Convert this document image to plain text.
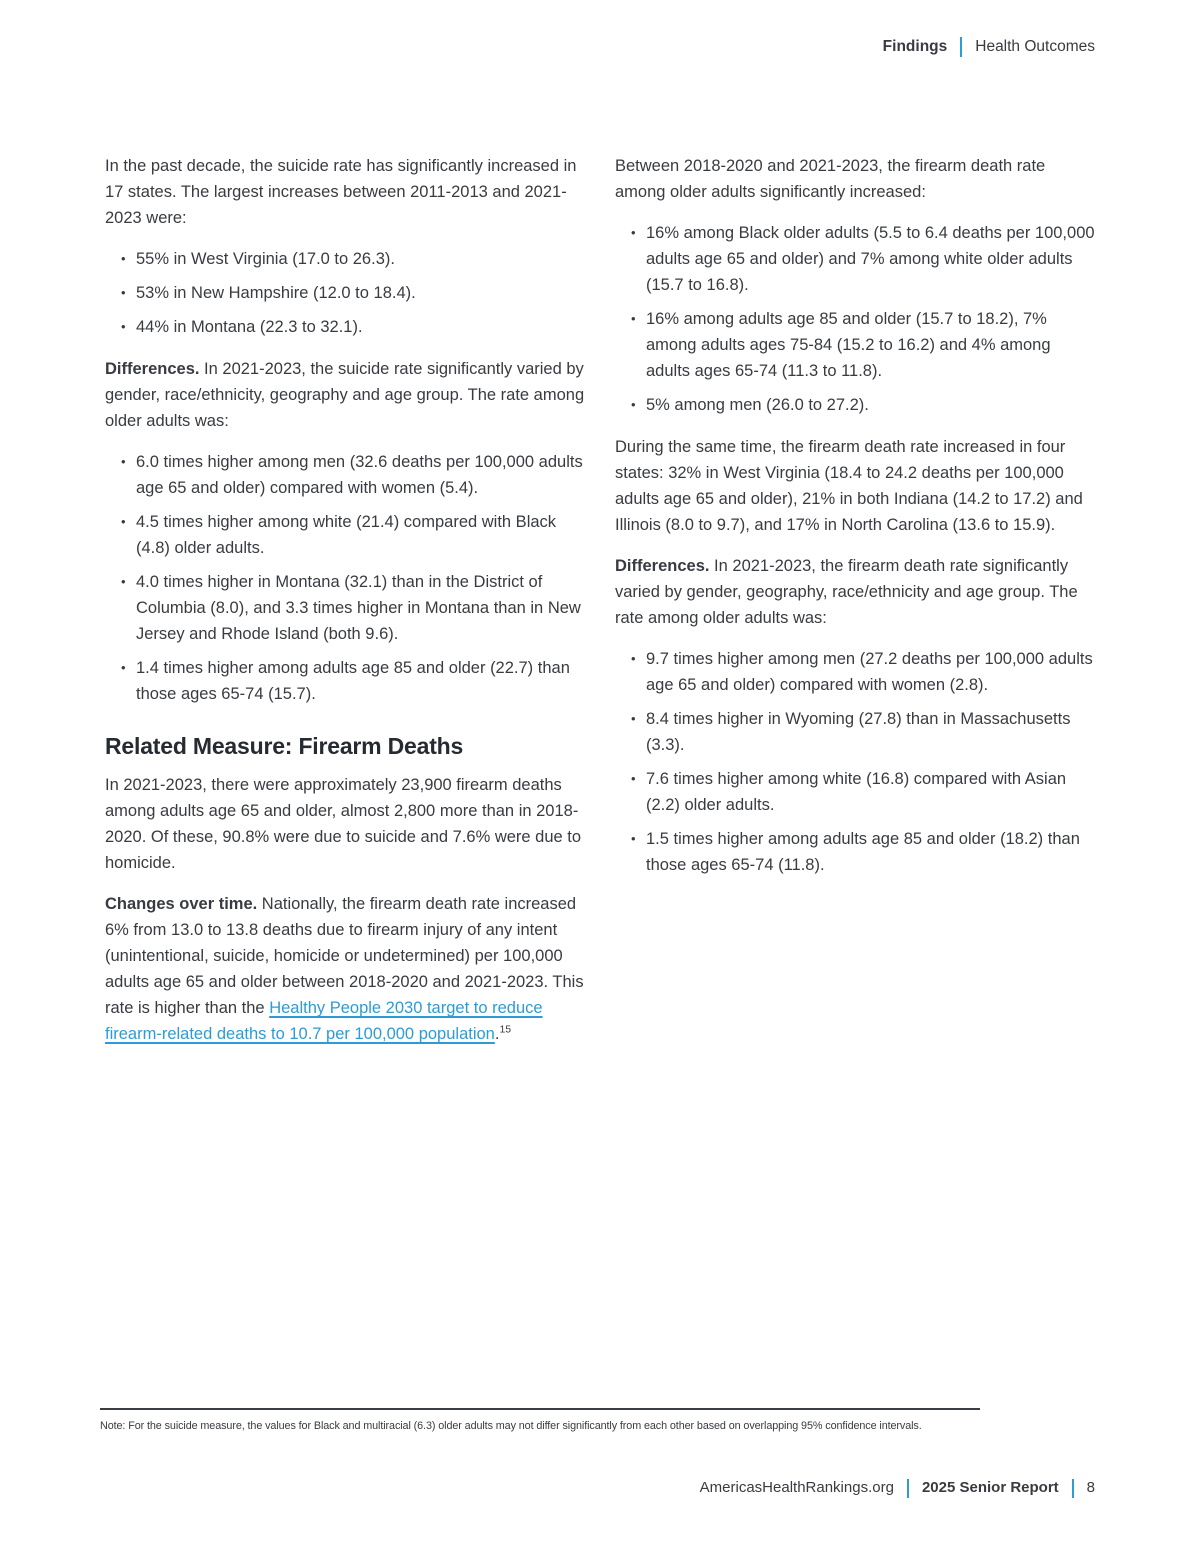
Findings Health Outcomes

In the past decade, the suicide rate has significantly increased in 17 states. The largest increases between 2011-2013 and 2021-2023 were:

• 55% in West Virginia (17.0 to 26.3).
• 53% in New Hampshire (12.0 to 18.4).
• 44% in Montana (22.3 to 32.1).

Differences. In 2021-2023, the suicide rate significantly varied by gender, race/ethnicity, geography and age group. The rate among older adults was:

• 6.0 times higher among men (32.6 deaths per 100,000 adults age 65 and older) compared with women (5.4).
• 4.5 times higher among white (21.4) compared with Black (4.8) older adults.
• 4.0 times higher in Montana (32.1) than in the District of Columbia (8.0), and 3.3 times higher in Montana than in New Jersey and Rhode Island (both 9.6).
• 1.4 times higher among adults age 85 and older (22.7) than those ages 65-74 (15.7).
Related Measure: Firearm Deaths

In 2021-2023, there were approximately 23,900 firearm deaths among adults age 65 and older, almost 2,800 more than in 2018-2020. Of these, 90.8% were due to suicide and 7.6% were due to homicide.

Changes over time. Nationally, the firearm death rate increased 6% from 13.0 to 13.8 deaths due to firearm injury of any intent (unintentional, suicide, homicide or undetermined) per 100,000 adults age 65 and older between 2018-2020 and 2021-2023. This rate is higher than the Healthy People 2030 target to reduce firearm-related deaths to 10.7 per 100,000 population.$^{15}$

Between 2018-2020 and 2021-2023, the firearm death rate among older adults significantly increased:

• 16% among Black older adults (5.5 to 6.4 deaths per 100,000 adults age 65 and older) and 7% among white older adults (15.7 to 16.8).
• 16% among adults age 85 and older (15.7 to 18.2), 7% among adults ages 75-84 (15.2 to 16.2) and 4% among adults ages 65-74 (11.3 to 11.8).
• 5% among men (26.0 to 27.2).

During the same time, the firearm death rate increased in four states: 32% in West Virginia (18.4 to 24.2 deaths per 100,000 adults age 65 and older), 21% in both Indiana (14.2 to 17.2) and Illinois (8.0 to 9.7), and 17% in North Carolina (13.6 to 15.9).

Differences. In 2021-2023, the firearm death rate significantly varied by gender, geography, race/ethnicity and age group. The rate among older adults was:

• 9.7 times higher among men (27.2 deaths per 100,000 adults age 65 and older) compared with women (2.8).
• 8.4 times higher in Wyoming (27.8) than in Massachusetts (3.3).
• 7.6 times higher among white (16.8) compared with Asian (2.2) older adults.
• 1.5 times higher among adults age 85 and older (18.2) than those ages 65-74 (11.8).

Note: For the suicide measure, the values for Black and multiracial (6.3) older adults may not differ significantly from each other based on overlapping 95% confidence intervals.

AmericasHealthRankings.org 2025 Senior Report 8
